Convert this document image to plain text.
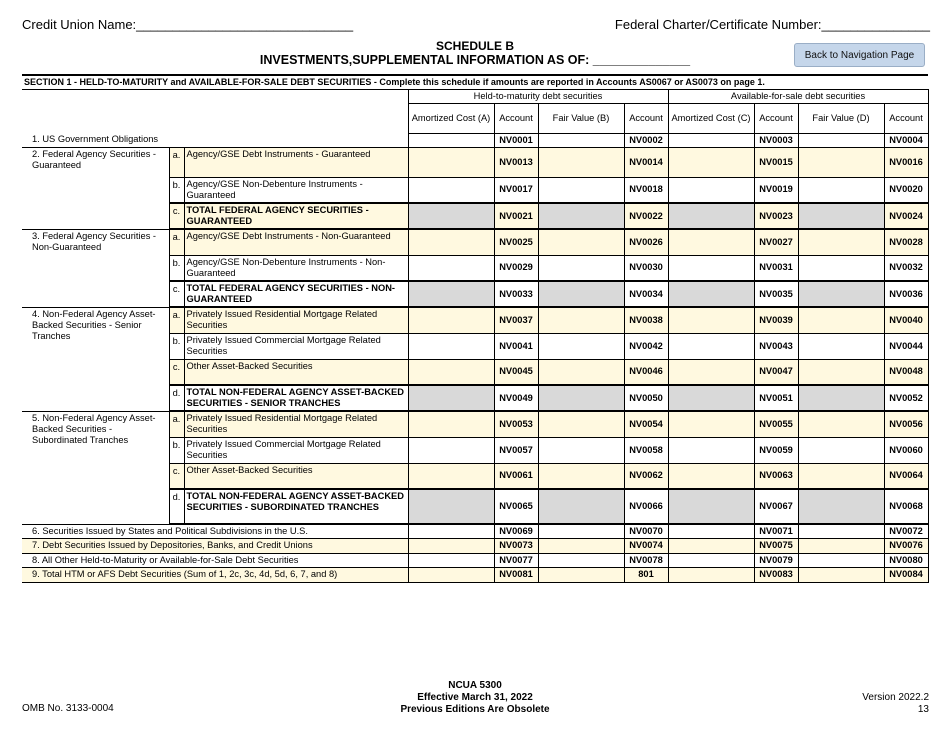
Credit Union Name:______________________________	Federal Charter/Certificate Number:_______________
SCHEDULE B
INVESTMENTS,SUPPLEMENTAL INFORMATION AS OF: ______________	Back to Navigation Page
SECTION 1 - HELD-TO-MATURITY and AVAILABLE-FOR-SALE DEBT SECURITIES - Complete this schedule if amounts are reported in Accounts AS0067 or AS0073 on page 1.										
			Held-to-maturity debt securities				Available-for-sale debt securities			
			Amortized Cost (A)	Account	Fair Value (B)	Account	Amortized Cost (C)	Account	Fair Value (D)	Account
1. US Government Obligations				NV0001		NV0002		NV0003		NV0004
2. Federal Agency Securities - Guaranteed	a.	Agency/GSE Debt Instruments - Guaranteed		NV0013		NV0014		NV0015		NV0016
	b.	Agency/GSE Non-Debenture Instruments - Guaranteed		NV0017		NV0018		NV0019		NV0020
	c.	TOTAL FEDERAL AGENCY SECURITIES - GUARANTEED		NV0021		NV0022		NV0023		NV0024
3. Federal Agency Securities - Non-Guaranteed	a.	Agency/GSE Debt Instruments - Non-Guaranteed		NV0025		NV0026		NV0027		NV0028
	b.	Agency/GSE Non-Debenture Instruments - Non-Guaranteed		NV0029		NV0030		NV0031		NV0032
	c.	TOTAL FEDERAL AGENCY SECURITIES - NON-GUARANTEED		NV0033		NV0034		NV0035		NV0036
4. Non-Federal Agency Asset-Backed Securities - Senior Tranches	a.	Privately Issued Residential Mortgage Related Securities		NV0037		NV0038		NV0039		NV0040
	b.	Privately Issued Commercial Mortgage Related Securities		NV0041		NV0042		NV0043		NV0044
	c.	Other Asset-Backed Securities		NV0045		NV0046		NV0047		NV0048
	d.	TOTAL NON-FEDERAL AGENCY ASSET-BACKED SECURITIES - SENIOR TRANCHES		NV0049		NV0050		NV0051		NV0052
5. Non-Federal Agency Asset-Backed Securities - Subordinated Tranches	a.	Privately Issued Residential Mortgage Related Securities		NV0053		NV0054		NV0055		NV0056
	b.	Privately Issued Commercial Mortgage Related Securities		NV0057		NV0058		NV0059		NV0060
	c.	Other Asset-Backed Securities		NV0061		NV0062		NV0063		NV0064
	d.	TOTAL NON-FEDERAL AGENCY ASSET-BACKED SECURITIES - SUBORDINATED TRANCHES		NV0065		NV0066		NV0067		NV0068
6. Securities Issued by States and Political Subdivisions in the U.S.				NV0069		NV0070		NV0071		NV0072
7. Debt Securities Issued by Depositories, Banks, and Credit Unions				NV0073		NV0074		NV0075		NV0076
8. All Other Held-to-Maturity or Available-for-Sale Debt Securities				NV0077		NV0078		NV0079		NV0080
9. Total HTM or AFS Debt Securities (Sum of 1, 2c, 3c, 4d, 5d, 6, 7, and 8)				NV0081		801		NV0083		NV0084
OMB No. 3133-0004
NCUA 5300
Effective March 31, 2022
Previous Editions Are Obsolete
Version 2022.2
13
